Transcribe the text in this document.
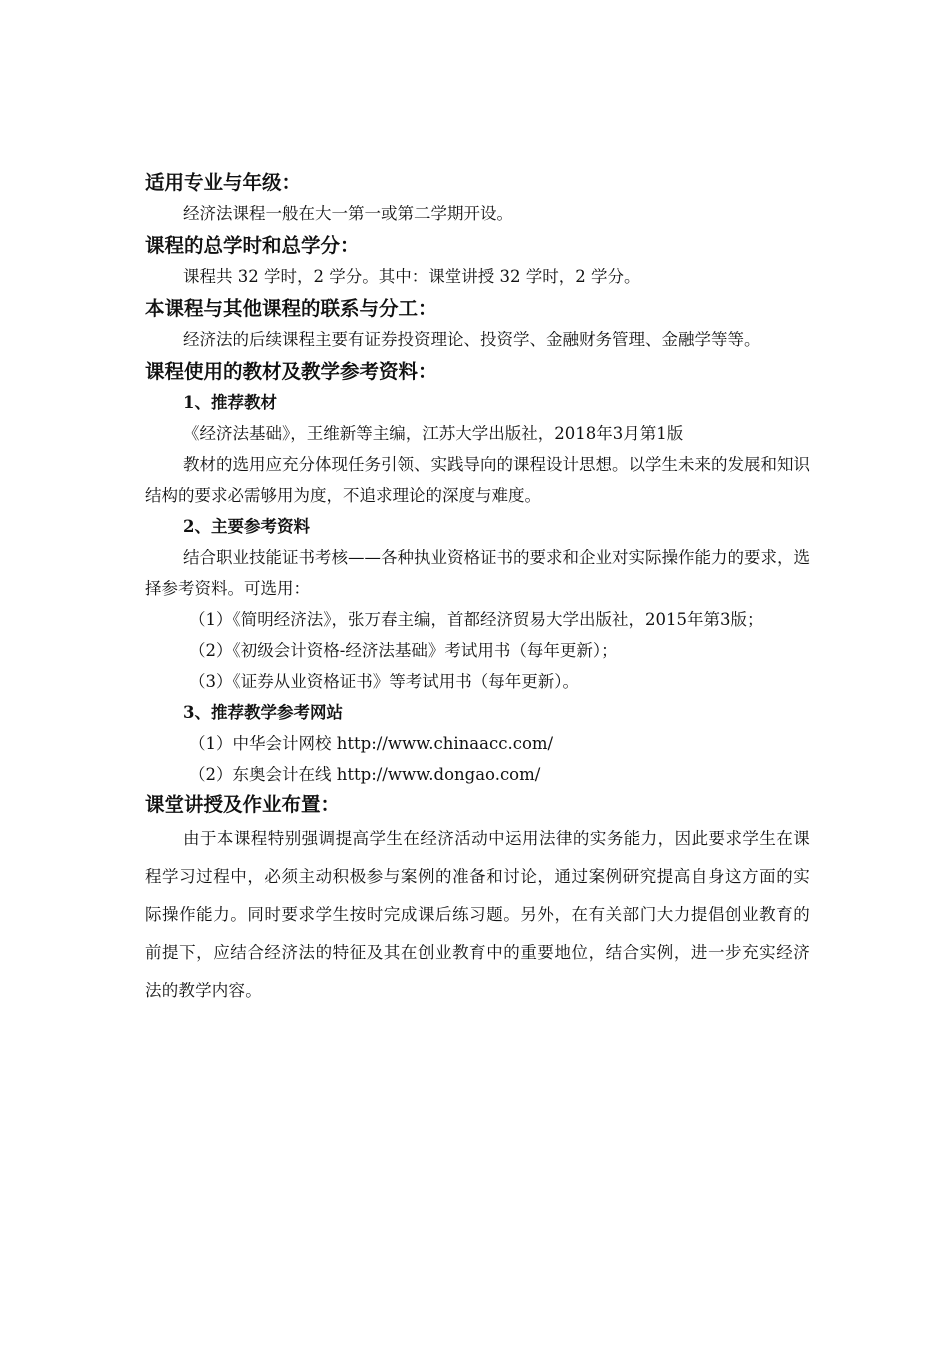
适用专业与年级：
经济法课程一般在大一第一或第二学期开设。
课程的总学时和总学分：
课程共 32 学时，2 学分。其中：课堂讲授 32 学时，2 学分。
本课程与其他课程的联系与分工：
经济法的后续课程主要有证券投资理论、投资学、金融财务管理、金融学等等。
课程使用的教材及教学参考资料：
1、推荐教材
《经济法基础》，王维新等主编，江苏大学出版社，2018年3月第1版
教材的选用应充分体现任务引领、实践导向的课程设计思想。以学生未来的发展和知识结构的要求必需够用为度，不追求理论的深度与难度。
2、主要参考资料
结合职业技能证书考核——各种执业资格证书的要求和企业对实际操作能力的要求，选择参考资料。可选用：
（1）《简明经济法》，张万春主编，首都经济贸易大学出版社，2015年第3版；
（2）《初级会计资格-经济法基础》考试用书（每年更新）；
（3）《证券从业资格证书》等考试用书（每年更新）。
3、推荐教学参考网站
（1）中华会计网校 http://www.chinaacc.com/
（2）东奥会计在线 http://www.dongao.com/
课堂讲授及作业布置：
由于本课程特别强调提高学生在经济活动中运用法律的实务能力，因此要求学生在课程学习过程中，必须主动积极参与案例的准备和讨论，通过案例研究提高自身这方面的实际操作能力。同时要求学生按时完成课后练习题。另外，在有关部门大力提倡创业教育的前提下，应结合经济法的特征及其在创业教育中的重要地位，结合实例，进一步充实经济法的教学内容。
